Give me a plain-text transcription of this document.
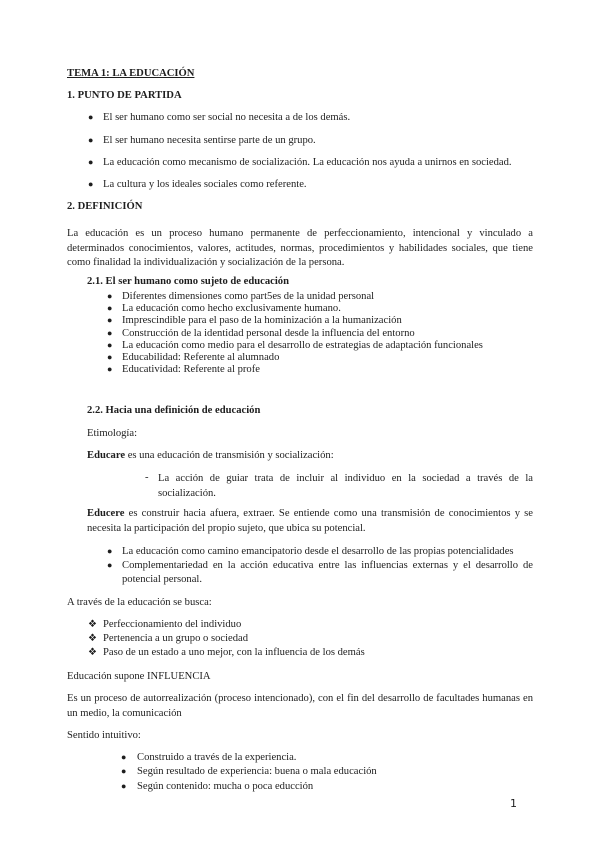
TEMA 1: LA EDUCACIÓN
1. PUNTO DE PARTIDA
● El ser humano como ser social no necesita a de los demás.
● El ser humano necesita sentirse parte de un grupo.
● La educación como mecanismo de socialización. La educación nos ayuda a unirnos en sociedad.
● La cultura y los ideales sociales como referente.
2. DEFINICIÓN
La educación es un proceso humano permanente de perfeccionamiento, intencional y vinculado a determinados conocimientos, valores, actitudes, normas, procedimientos y habilidades sociales, que tiene como finalidad la individualización y socialización de la persona.
2.1. El ser humano como sujeto de educación
● Diferentes dimensiones como part5es de la unidad personal
● La educación como hecho exclusivamente humano.
● Imprescindible para el paso de la hominización a la humanización
● Construcción de la identidad personal desde la influencia del entorno
● La educación como medio para el desarrollo de estrategias de adaptación funcionales
● Educabilidad: Referente al alumnado
● Educatividad: Referente al profe
2.2. Hacia una definición de educación
Etimología:
Educare es una educación de transmisión y socialización:
- La acción de guiar trata de incluir al individuo en la sociedad a través de la socialización.
Educere es construir hacia afuera, extraer. Se entiende como una transmisión de conocimientos y se necesita la participación del propio sujeto, que ubica su potencial.
● La educación como camino emancipatorio desde el desarrollo de las propias potencialidades
● Complementariedad en la acción educativa entre las influencias externas y el desarrollo de potencial personal.
A través de la educación se busca:
❖ Perfeccionamiento del individuo
❖ Pertenencia a un grupo o sociedad
❖ Paso de un estado a uno mejor, con la influencia de los demás
Educación supone INFLUENCIA
Es un proceso de autorrealización (proceso intencionado), con el fin del desarrollo de facultades humanas en un medio, la comunicación
Sentido intuitivo:
● Construido a través de la experiencia.
● Según resultado de experiencia: buena o mala educación
● Según contenido: mucha o poca educción
1
